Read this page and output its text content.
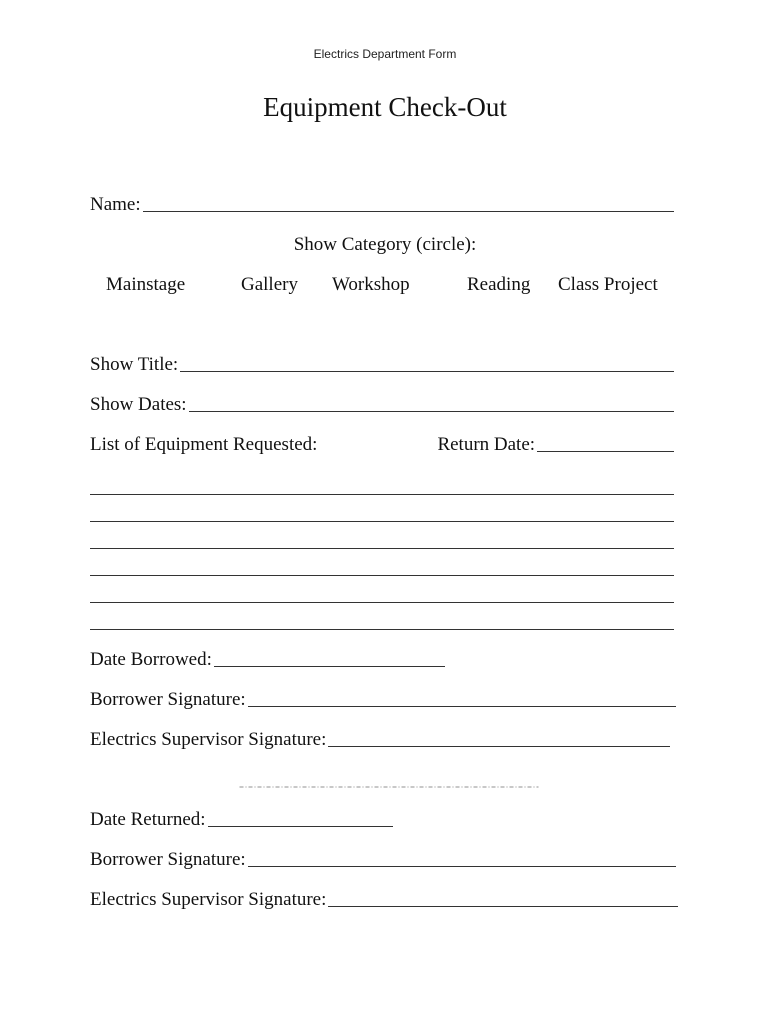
Electrics Department Form
Equipment Check-Out
Name:
Show Category (circle):
Mainstage	Gallery Workshop	Reading Class Project
Show Title:
Show Dates:
List of Equipment Requested:	Return Date:
Date Borrowed:
Borrower Signature:
Electrics Supervisor Signature:
Date Returned:
Borrower Signature:
Electrics Supervisor Signature:
